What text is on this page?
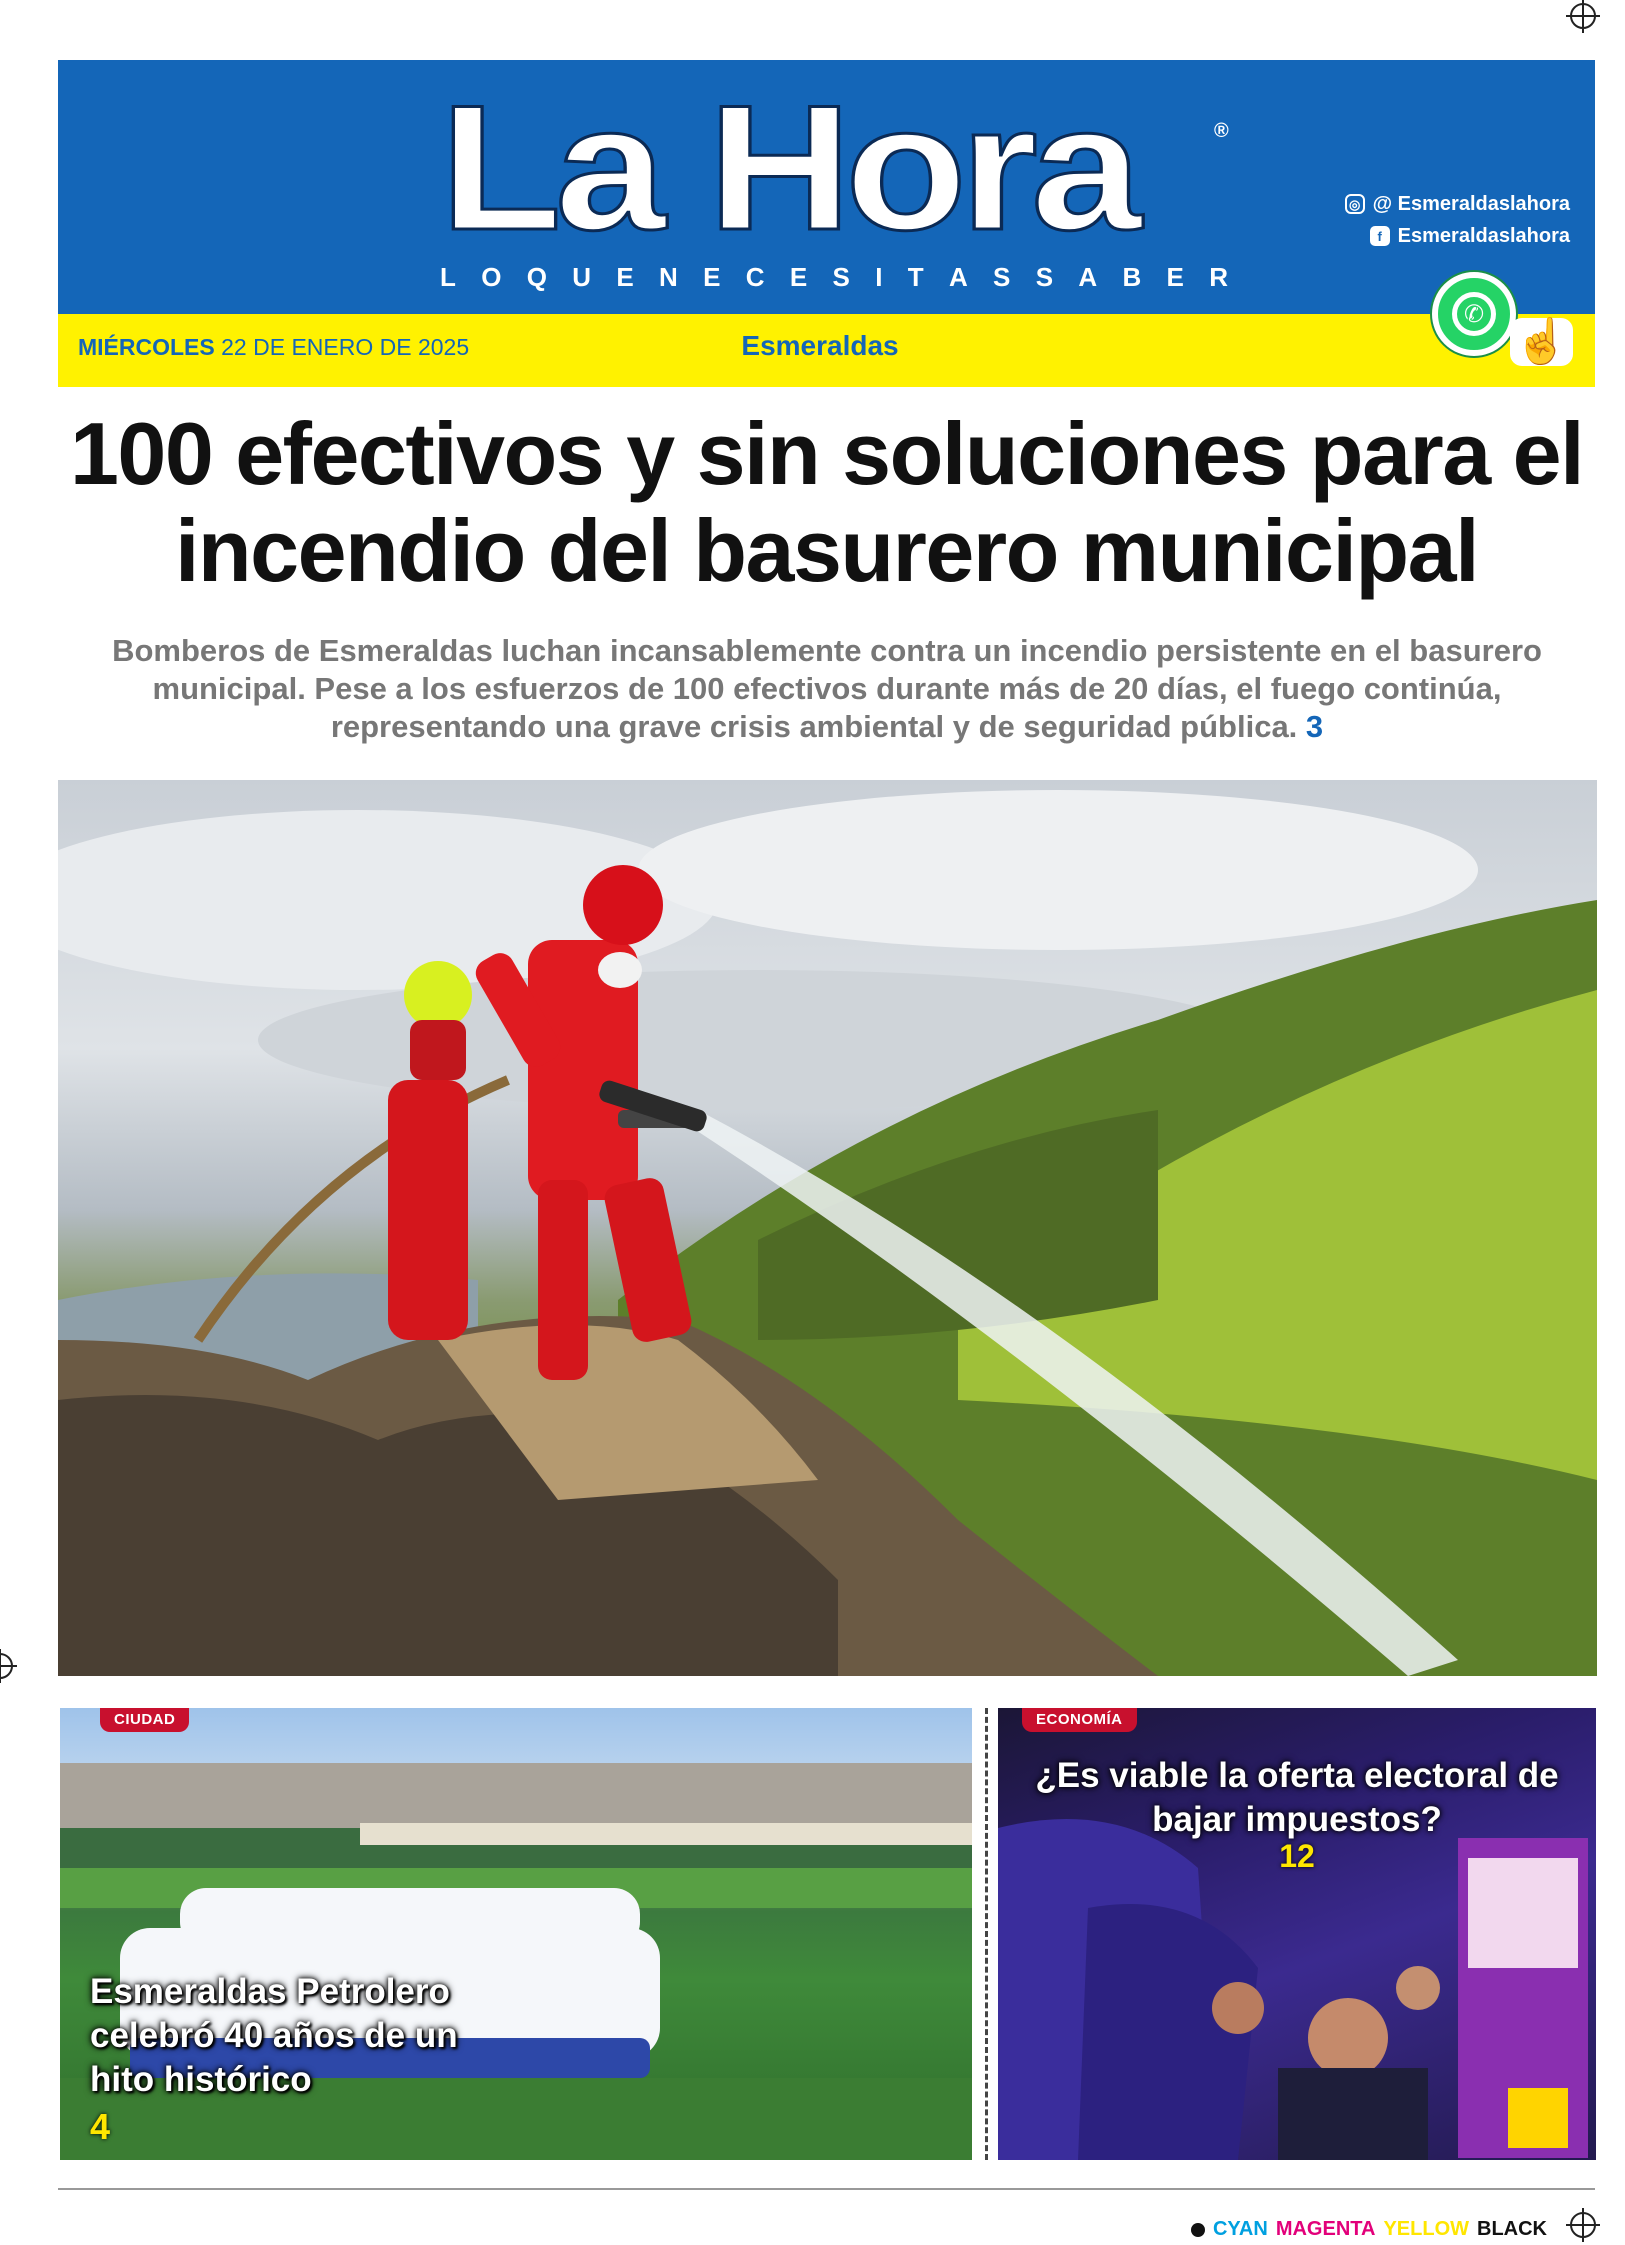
La Hora	®
L O Q U E N E C E S I T A S S A B E R
◎ @ Esmeraldaslahora
f Esmeraldaslahora
MIÉRCOLES 22 DE ENERO DE 2025	Esmeraldas
✆
☝
100 efectivos y sin soluciones para el incendio del basurero municipal

Bomberos de Esmeraldas luchan incansablemente contra un incendio persistente en el basurero municipal. Pese a los esfuerzos de 100 efectivos durante más de 20 días, el fuego continúa, representando una grave crisis ambiental y de seguridad pública. 3

CIUDAD
Esmeraldas Petrolero celebró 40 años de un hito histórico
4
ECONOMÍA
¿Es viable la oferta electoral de bajar impuestos?
12
CYAN MAGENTA YELLOW BLACK
